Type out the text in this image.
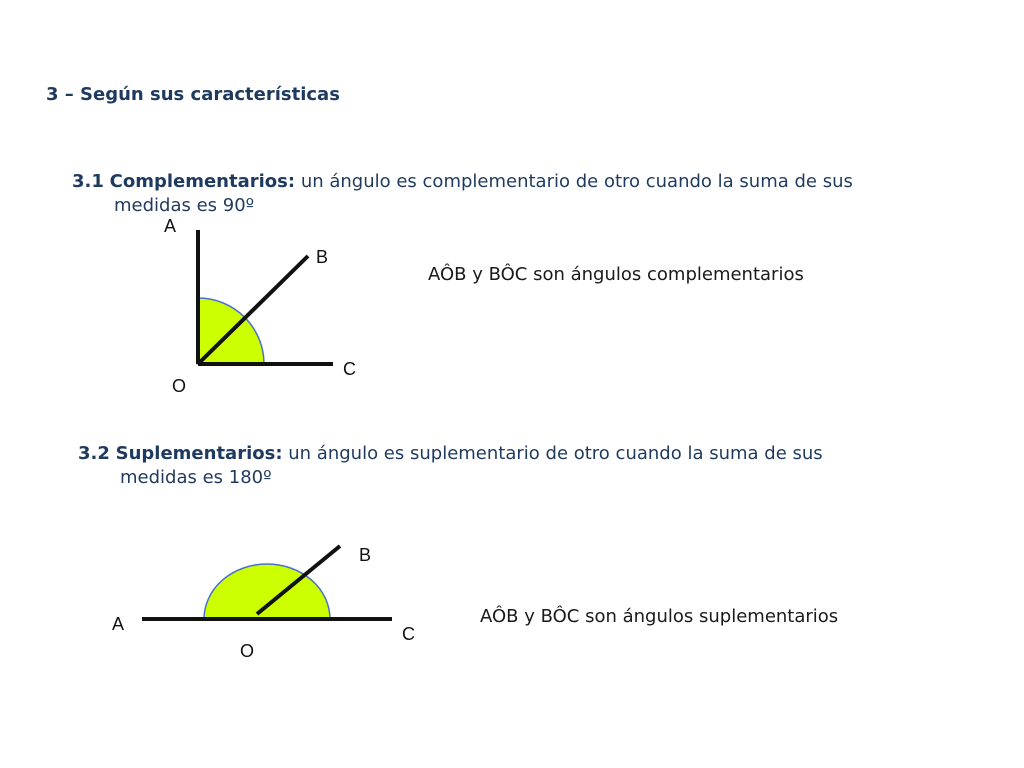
3 – Según sus características
3.1 Complementarios: un ángulo es complementario de otro cuando la suma de sus
medidas es 90º
AÔB y BÔC son ángulos complementarios
3.2 Suplementarios: un ángulo es suplementario de otro cuando la suma de sus
medidas es 180º
AÔB y BÔC son ángulos suplementarios
A
B
C
O
A
B
C
O
